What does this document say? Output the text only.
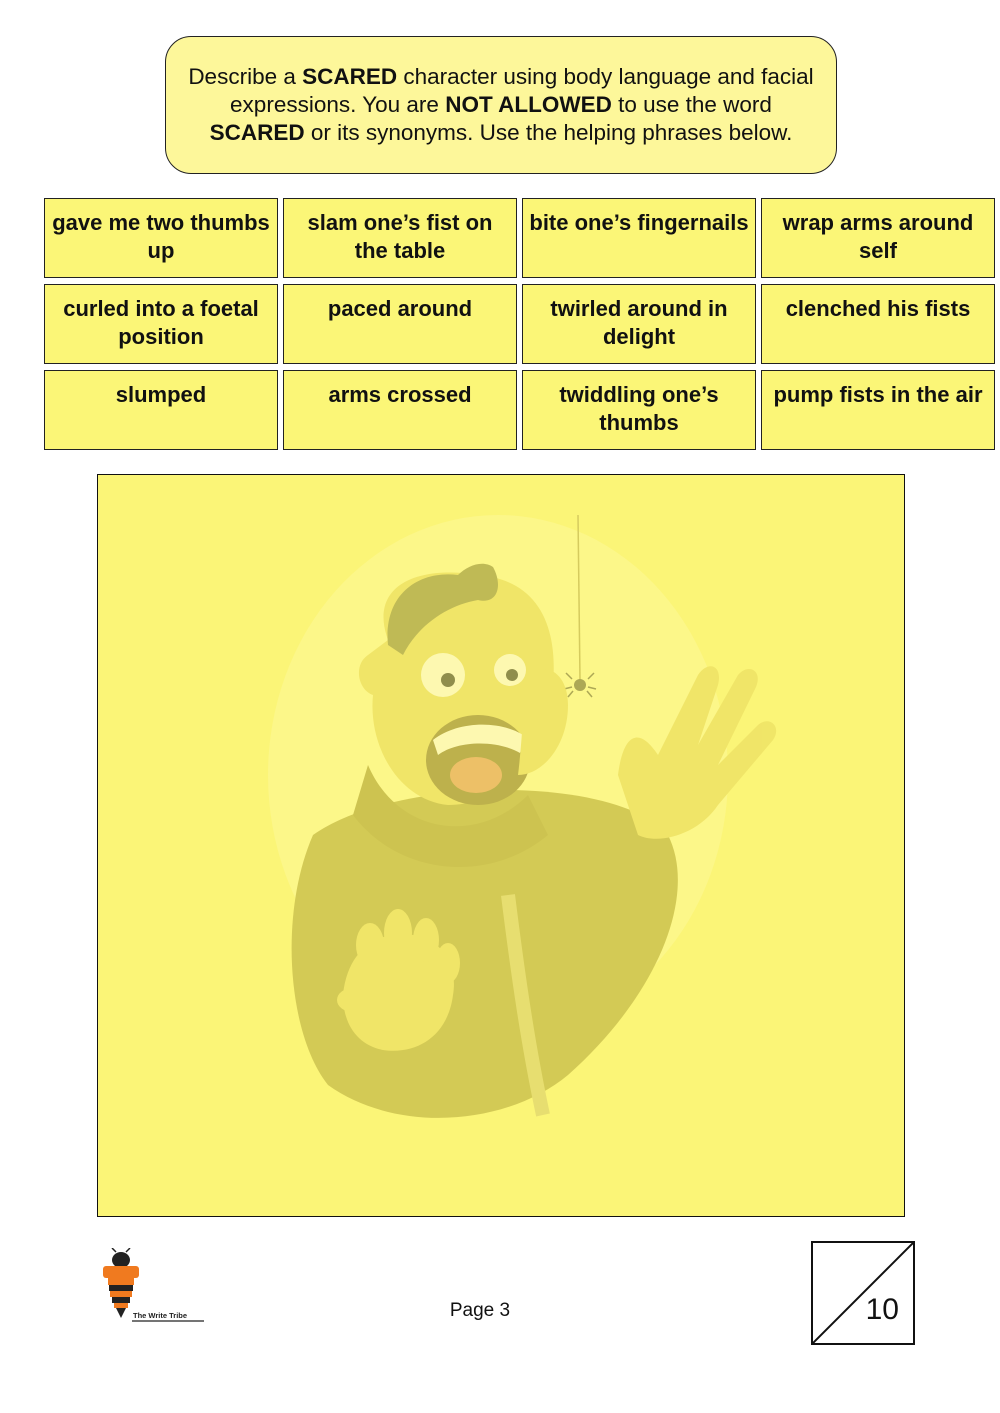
Describe a SCARED character using body language and facial expressions. You are NOT ALLOWED to use the word SCARED or its synonyms. Use the helping phrases below.
gave me two thumbs up
slam one’s fist on the table
bite one’s fingernails	wrap arms around self
curled into a foetal position
paced around	twirled around in delight
clenched his fists
slumped	arms crossed	twiddling one’s thumbs
pump fists in the air
The Write Tribe	Page 3	10
